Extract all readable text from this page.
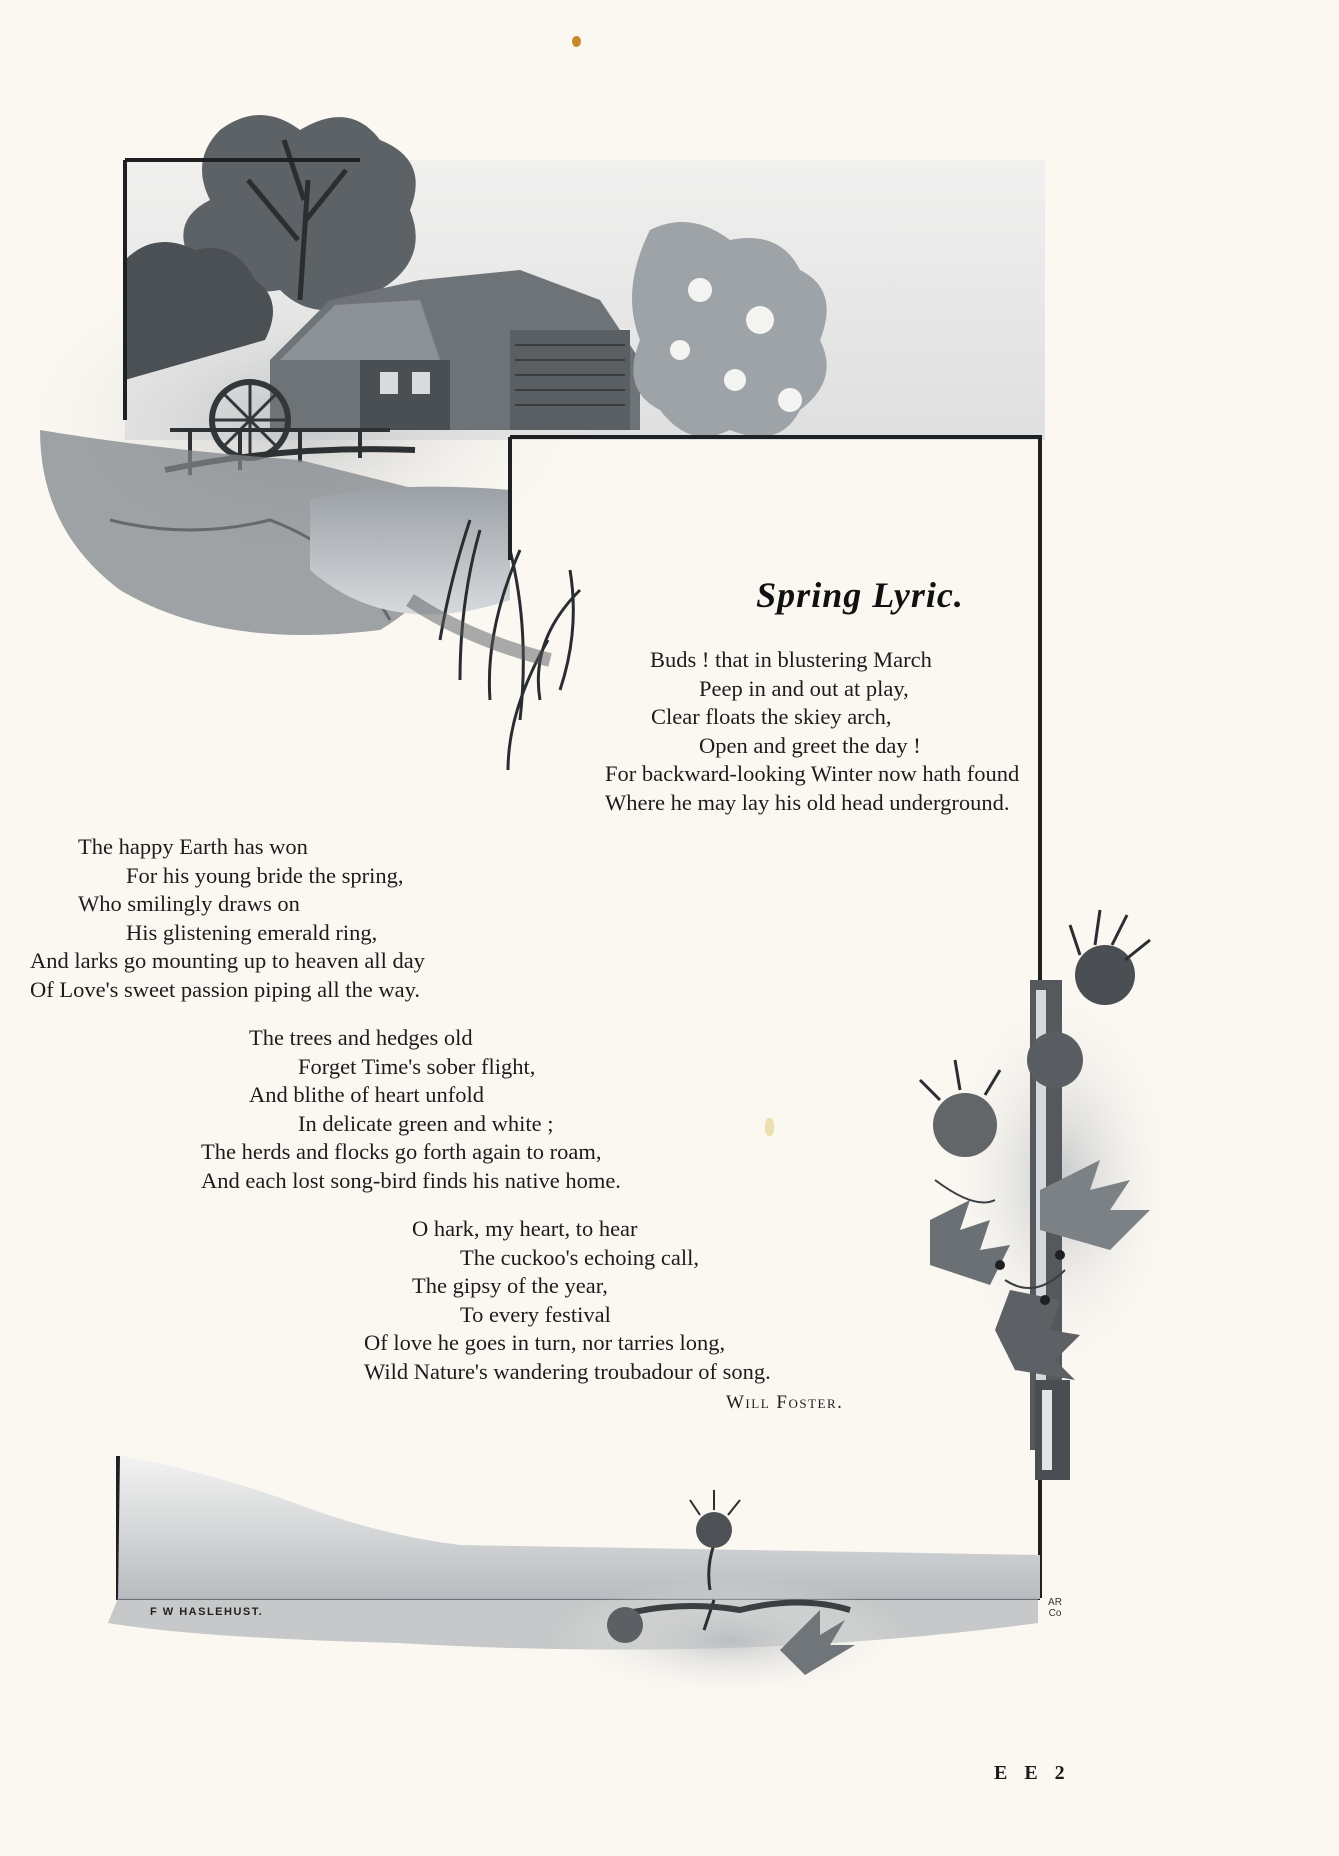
Spring Lyric.
Buds ! that in blustering March
Peep in and out at play,
Clear floats the skiey arch,
Open and greet the day !
For backward-looking Winter now hath found
Where he may lay his old head underground.
The happy Earth has won
For his young bride the spring,
Who smilingly draws on
His glistening emerald ring,
And larks go mounting up to heaven all day
Of Love's sweet passion piping all the way.
The trees and hedges old
Forget Time's sober flight,
And blithe of heart unfold
In delicate green and white ;
The herds and flocks go forth again to roam,
And each lost song-bird finds his native home.
O hark, my heart, to hear
The cuckoo's echoing call,
The gipsy of the year,
To every festival
Of love he goes in turn, nor tarries long,
Wild Nature's wandering troubadour of song.
Will Foster.
F W HASLEHUST.
AR
Co
E E 2
